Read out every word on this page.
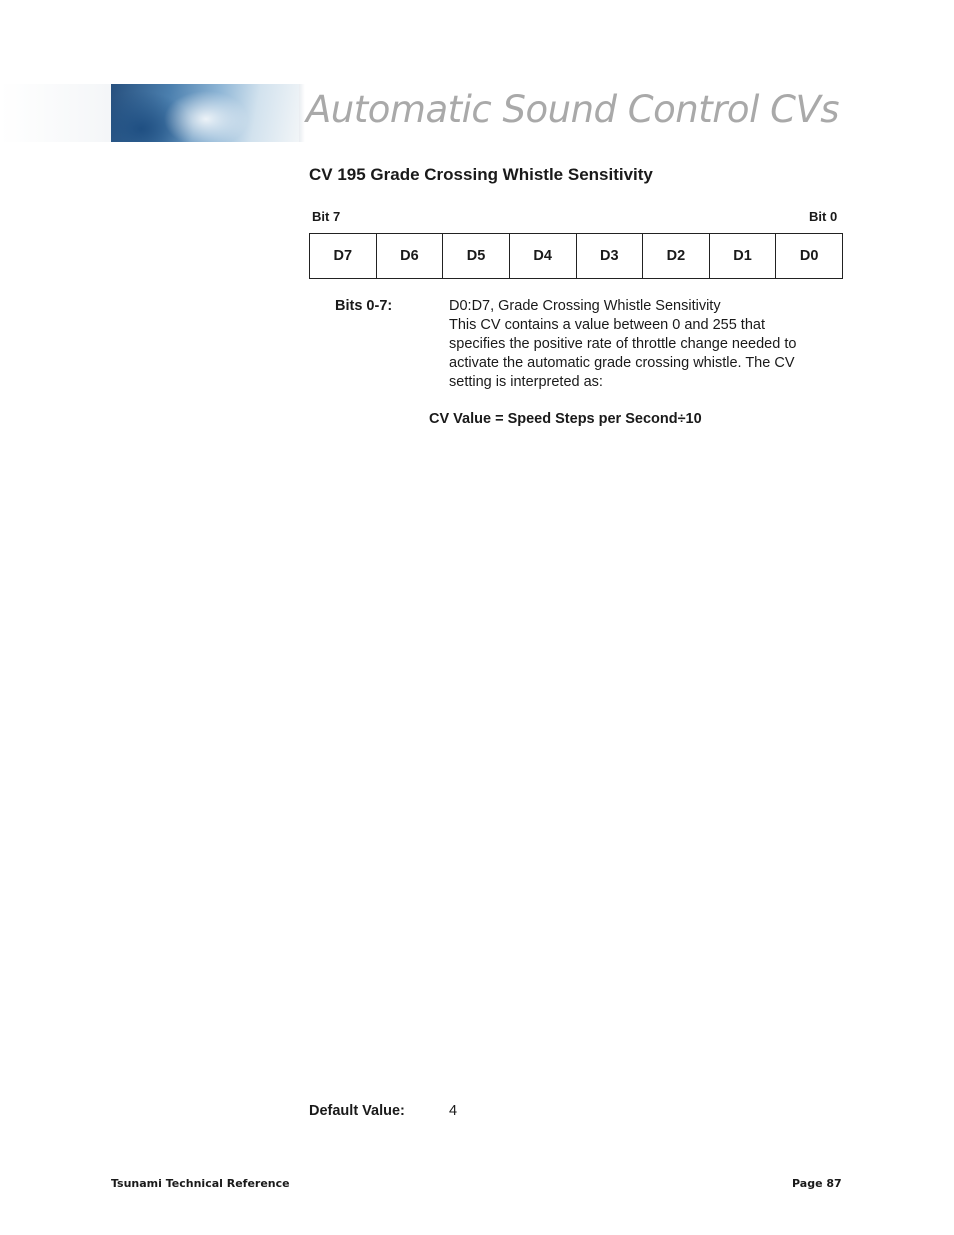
Automatic Sound Control CVs
CV 195 Grade Crossing Whistle Sensitivity
Bit 7	Bit 0
D7	D6	D5	D4	D3	D2	D1	D0
Bits 0-7:	D0:D7, Grade Crossing Whistle Sensitivity
This CV contains a value between 0 and 255 that
specifies the positive rate of throttle change needed to
activate the automatic grade crossing whistle. The CV
setting is interpreted as:
CV Value = Speed Steps per Second÷10
Default Value:	4
Tsunami Technical Reference	Page 87
